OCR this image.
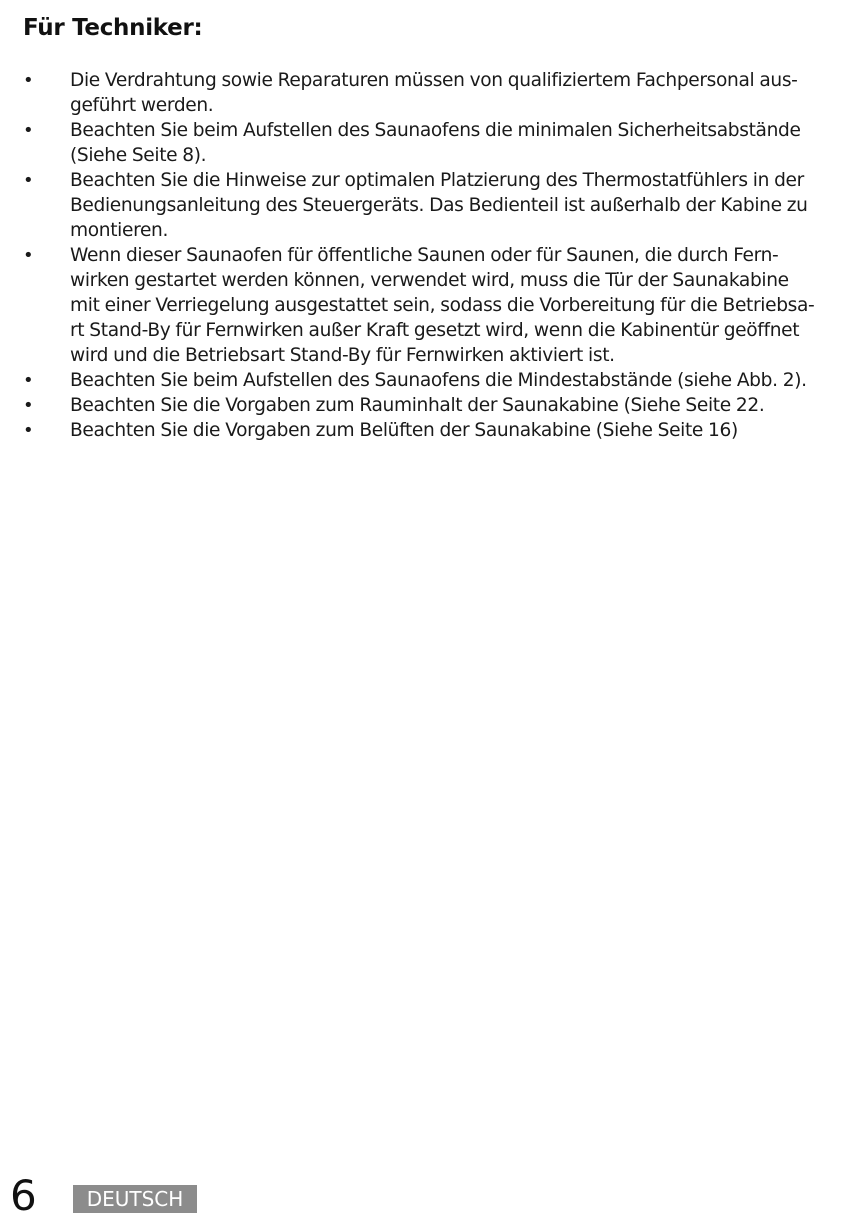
Für Techniker:
• Die Verdrahtung sowie Reparaturen müssen von qualifiziertem Fachpersonal aus-
geführt werden.
• Beachten Sie beim Aufstellen des Saunaofens die minimalen Sicherheitsabstände
(Siehe Seite 8).
• Beachten Sie die Hinweise zur optimalen Platzierung des Thermostatfühlers in der
Bedienungsanleitung des Steuergeräts. Das Bedienteil ist außerhalb der Kabine zu
montieren.
• Wenn dieser Saunaofen für öffentliche Saunen oder für Saunen, die durch Fern-
wirken gestartet werden können, verwendet wird, muss die Tür der Saunakabine
mit einer Verriegelung ausgestattet sein, sodass die Vorbereitung für die Betriebsa-
rt Stand-By für Fernwirken außer Kraft gesetzt wird, wenn die Kabinentür geöffnet
wird und die Betriebsart Stand-By für Fernwirken aktiviert ist.
• Beachten Sie beim Aufstellen des Saunaofens die Mindestabstände (siehe Abb. 2).
• Beachten Sie die Vorgaben zum Rauminhalt der Saunakabine (Siehe Seite 22.
• Beachten Sie die Vorgaben zum Belüften der Saunakabine (Siehe Seite 16)
6	DEUTSCH
